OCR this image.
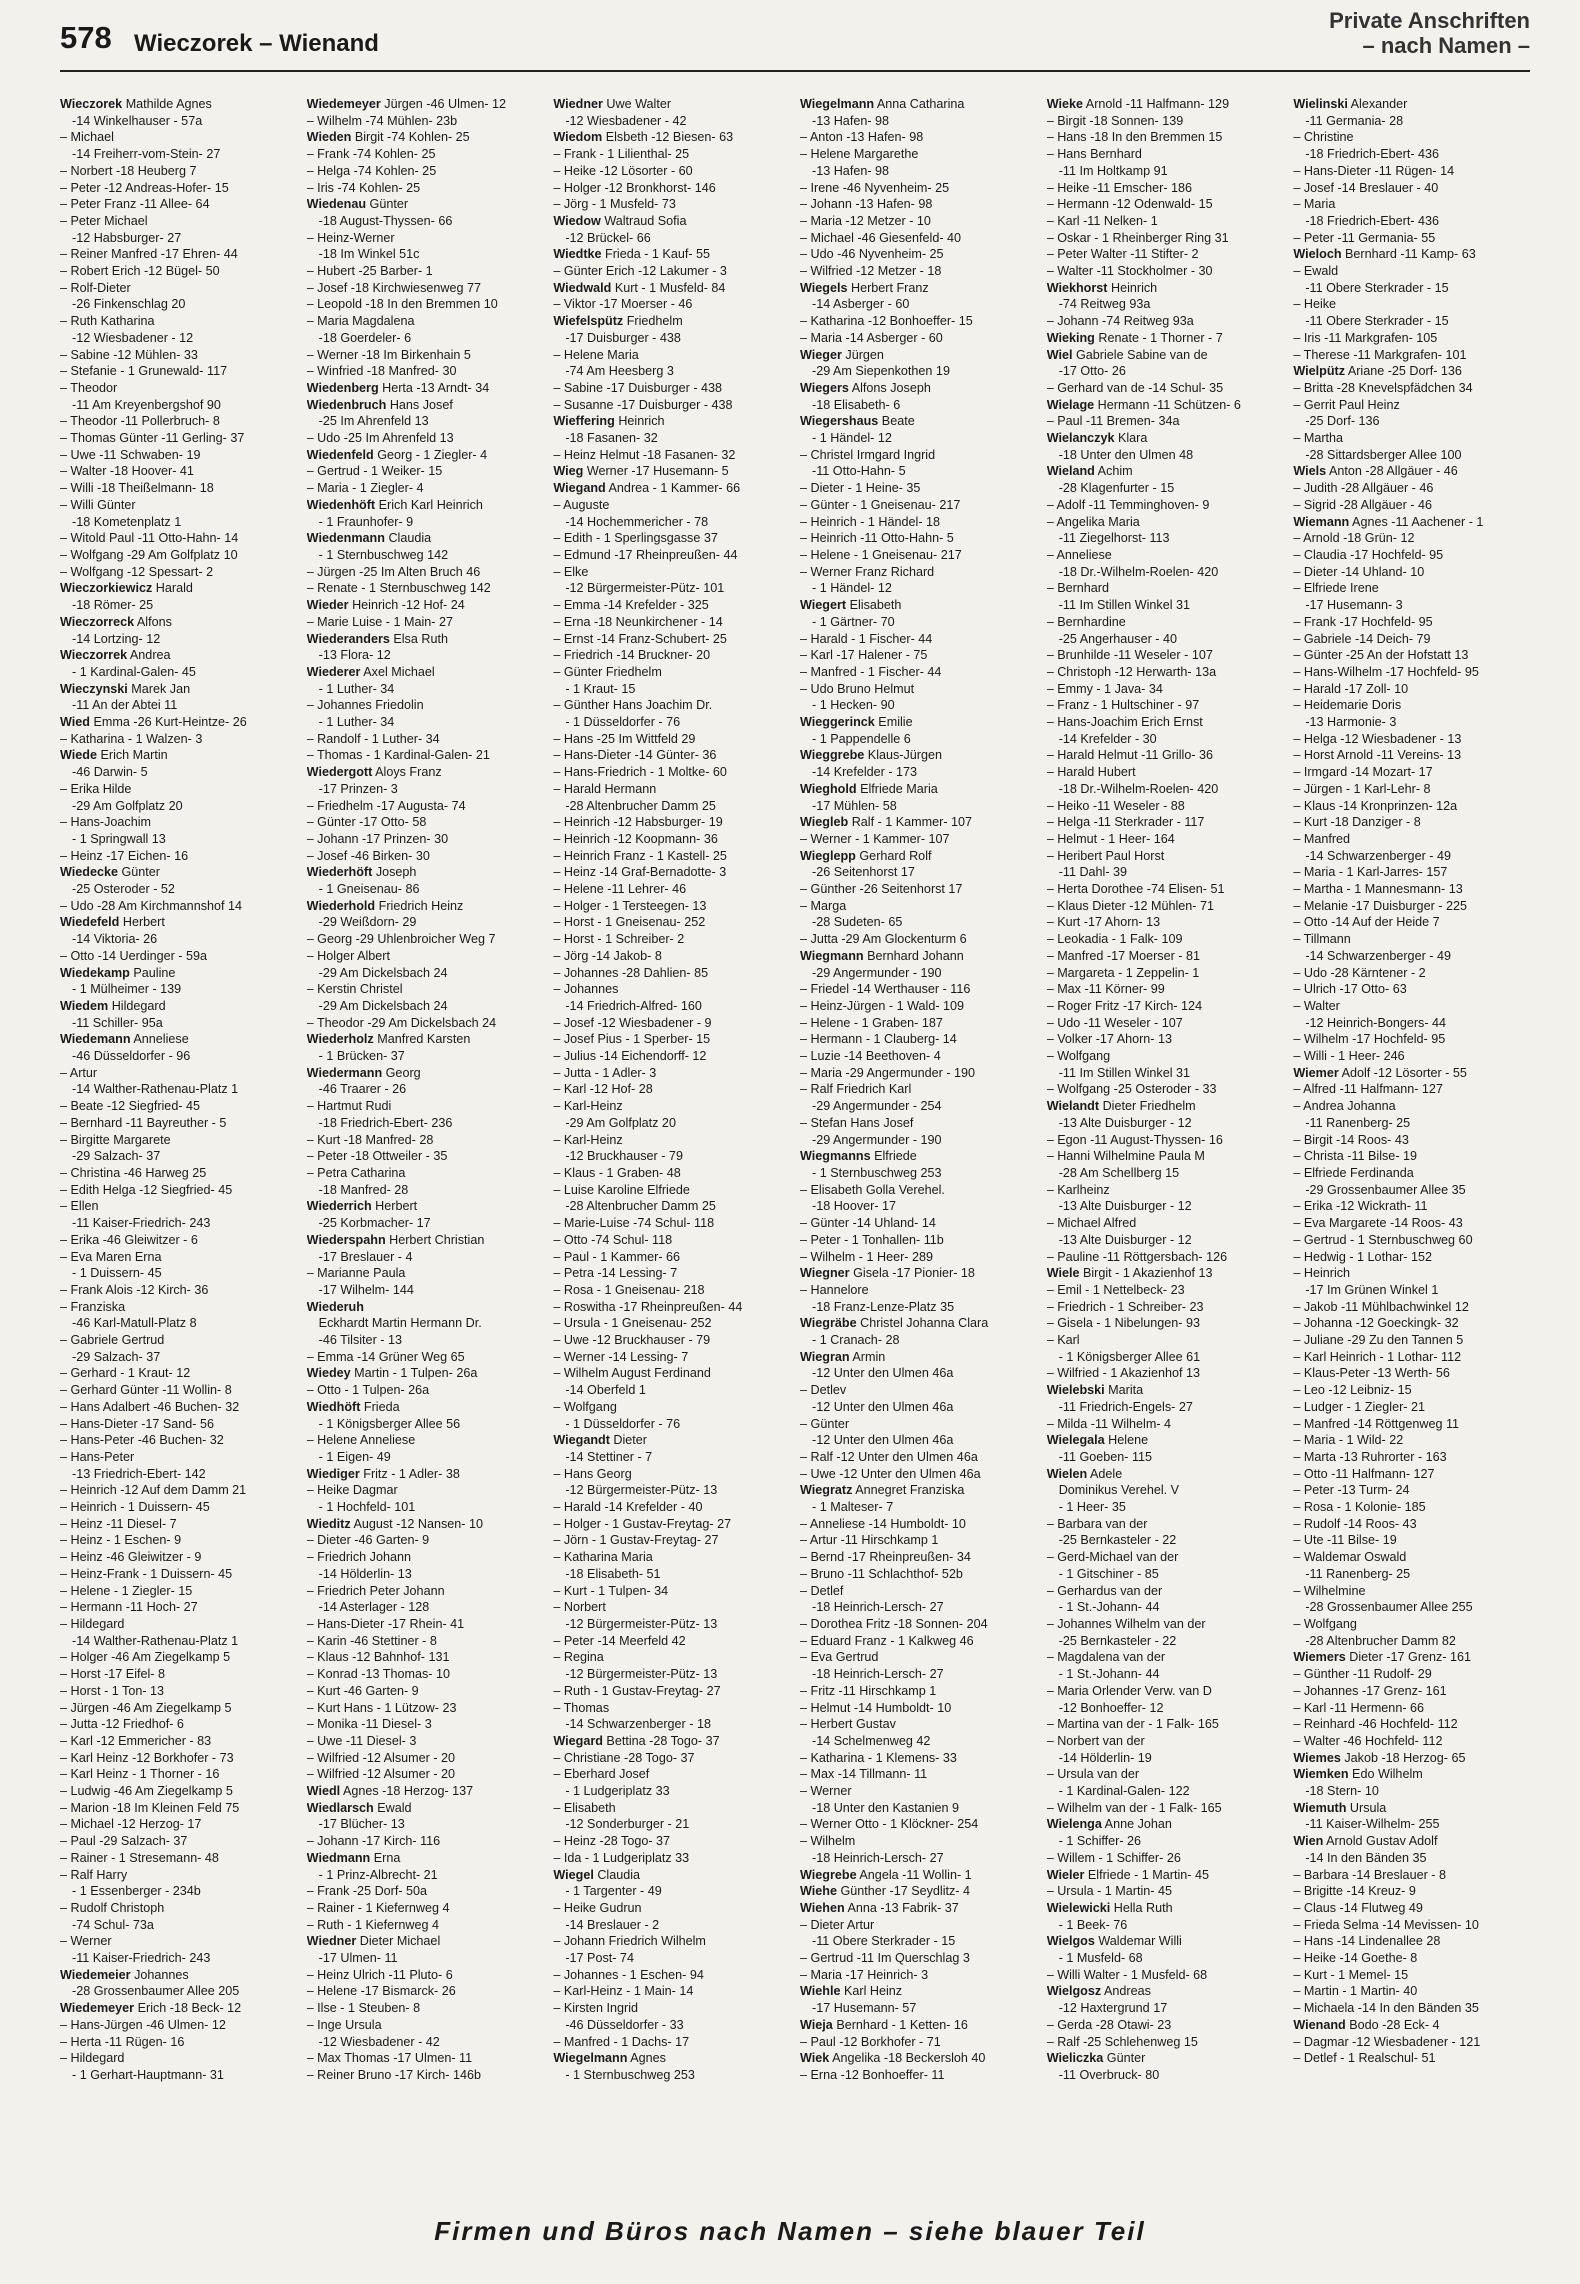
578 Wieczorek – Wienand
Private Anschriften
– nach Namen –
Wieczorek Mathilde Agnes
-14 Winkelhauser - 57a
– Michael
-14 Freiherr-vom-Stein- 27
– Norbert -18 Heuberg 7
– Peter -12 Andreas-Hofer- 15
– Peter Franz -11 Allee- 64
– Peter Michael
-12 Habsburger- 27
– Reiner Manfred -17 Ehren- 44
– Robert Erich -12 Bügel- 50
– Rolf-Dieter
-26 Finkenschlag 20
– Ruth Katharina
-12 Wiesbadener - 12
– Sabine -12 Mühlen- 33
– Stefanie - 1 Grunewald- 117
– Theodor
-11 Am Kreyenbergshof 90
– Theodor -11 Pollerbruch- 8
– Thomas Günter -11 Gerling- 37
– Uwe -11 Schwaben- 19
– Walter -18 Hoover- 41
– Willi -18 Theißelmann- 18
– Willi Günter
-18 Kometenplatz 1
– Witold Paul -11 Otto-Hahn- 14
– Wolfgang -29 Am Golfplatz 10
– Wolfgang -12 Spessart- 2
Wieczorkiewicz Harald
-18 Römer- 25
Wieczorreck Alfons
-14 Lortzing- 12
Wieczorrek Andrea
- 1 Kardinal-Galen- 45
Wieczynski Marek Jan
-11 An der Abtei 11
Wied Emma -26 Kurt-Heintze- 26
– Katharina - 1 Walzen- 3
Wiede Erich Martin
-46 Darwin- 5
– Erika Hilde
-29 Am Golfplatz 20
– Hans-Joachim
- 1 Springwall 13
– Heinz -17 Eichen- 16
Wiedecke Günter
-25 Osteroder - 52
– Udo -28 Am Kirchmannshof 14
Wiedefeld Herbert
-14 Viktoria- 26
– Otto -14 Uerdinger - 59a
Wiedekamp Pauline
- 1 Mülheimer - 139
Wiedem Hildegard
-11 Schiller- 95a
Wiedemann Anneliese
-46 Düsseldorfer - 96
– Artur
-14 Walther-Rathenau-Platz 1
– Beate -12 Siegfried- 45
– Bernhard -11 Bayreuther - 5
– Birgitte Margarete
-29 Salzach- 37
– Christina -46 Harweg 25
– Edith Helga -12 Siegfried- 45
– Ellen
-11 Kaiser-Friedrich- 243
– Erika -46 Gleiwitzer - 6
– Eva Maren Erna
- 1 Duissern- 45
– Frank Alois -12 Kirch- 36
– Franziska
-46 Karl-Matull-Platz 8
– Gabriele Gertrud
-29 Salzach- 37
– Gerhard - 1 Kraut- 12
– Gerhard Günter -11 Wollin- 8
– Hans Adalbert -46 Buchen- 32
– Hans-Dieter -17 Sand- 56
– Hans-Peter -46 Buchen- 32
– Hans-Peter
-13 Friedrich-Ebert- 142
– Heinrich -12 Auf dem Damm 21
– Heinrich - 1 Duissern- 45
– Heinz -11 Diesel- 7
– Heinz - 1 Eschen- 9
– Heinz -46 Gleiwitzer - 9
– Heinz-Frank - 1 Duissern- 45
– Helene - 1 Ziegler- 15
– Hermann -11 Hoch- 27
– Hildegard
-14 Walther-Rathenau-Platz 1
– Holger -46 Am Ziegelkamp 5
– Horst -17 Eifel- 8
– Horst - 1 Ton- 13
– Jürgen -46 Am Ziegelkamp 5
– Jutta -12 Friedhof- 6
– Karl -12 Emmericher - 83
– Karl Heinz -12 Borkhofer - 73
– Karl Heinz - 1 Thorner - 16
– Ludwig -46 Am Ziegelkamp 5
– Marion -18 Im Kleinen Feld 75
– Michael -12 Herzog- 17
– Paul -29 Salzach- 37
– Rainer - 1 Stresemann- 48
– Ralf Harry
- 1 Essenberger - 234b
– Rudolf Christoph
-74 Schul- 73a
– Werner
-11 Kaiser-Friedrich- 243
Wiedemeier Johannes
-28 Grossenbaumer Allee 205
Wiedemeyer Erich -18 Beck- 12
– Hans-Jürgen -46 Ulmen- 12
– Herta -11 Rügen- 16
– Hildegard
- 1 Gerhart-Hauptmann- 31
Wiedemeyer Jürgen -46 Ulmen- 12
– Wilhelm -74 Mühlen- 23b
Wieden Birgit -74 Kohlen- 25
– Frank -74 Kohlen- 25
– Helga -74 Kohlen- 25
– Iris -74 Kohlen- 25
Wiedenau Günter
-18 August-Thyssen- 66
– Heinz-Werner
-18 Im Winkel 51c
– Hubert -25 Barber- 1
– Josef -18 Kirchwiesenweg 77
– Leopold -18 In den Bremmen 10
– Maria Magdalena
-18 Goerdeler- 6
– Werner -18 Im Birkenhain 5
– Winfried -18 Manfred- 30
Wiedenberg Herta -13 Arndt- 34
Wiedenbruch Hans Josef
-25 Im Ahrenfeld 13
– Udo -25 Im Ahrenfeld 13
Wiedenfeld Georg - 1 Ziegler- 4
– Gertrud - 1 Weiker- 15
– Maria - 1 Ziegler- 4
Wiedenhöft Erich Karl Heinrich
- 1 Fraunhofer- 9
Wiedenmann Claudia
- 1 Sternbuschweg 142
– Jürgen -25 Im Alten Bruch 46
– Renate - 1 Sternbuschweg 142
Wieder Heinrich -12 Hof- 24
– Marie Luise - 1 Main- 27
Wiederanders Elsa Ruth
-13 Flora- 12
Wiederer Axel Michael
- 1 Luther- 34
– Johannes Friedolin
- 1 Luther- 34
– Randolf - 1 Luther- 34
– Thomas - 1 Kardinal-Galen- 21
Wiedergott Aloys Franz
-17 Prinzen- 3
– Friedhelm -17 Augusta- 74
– Günter -17 Otto- 58
– Johann -17 Prinzen- 30
– Josef -46 Birken- 30
Wiederhöft Joseph
- 1 Gneisenau- 86
Wiederhold Friedrich Heinz
-29 Weißdorn- 29
– Georg -29 Uhlenbroicher Weg 7
– Holger Albert
-29 Am Dickelsbach 24
– Kerstin Christel
-29 Am Dickelsbach 24
– Theodor -29 Am Dickelsbach 24
Wiederholz Manfred Karsten
- 1 Brücken- 37
Wiedermann Georg
-46 Traarer - 26
– Hartmut Rudi
-18 Friedrich-Ebert- 236
– Kurt -18 Manfred- 28
– Peter -18 Ottweiler - 35
– Petra Catharina
-18 Manfred- 28
Wiederrich Herbert
-25 Korbmacher- 17
Wiederspahn Herbert Christian
-17 Breslauer - 4
– Marianne Paula
-17 Wilhelm- 144
Wiederuh
Eckhardt Martin Hermann Dr.
-46 Tilsiter - 13
– Emma -14 Grüner Weg 65
Wiedey Martin - 1 Tulpen- 26a
– Otto - 1 Tulpen- 26a
Wiedhöft Frieda
- 1 Königsberger Allee 56
– Helene Anneliese
- 1 Eigen- 49
Wiediger Fritz - 1 Adler- 38
– Heike Dagmar
- 1 Hochfeld- 101
Wieditz August -12 Nansen- 10
– Dieter -46 Garten- 9
– Friedrich Johann
-14 Hölderlin- 13
– Friedrich Peter Johann
-14 Asterlager - 128
– Hans-Dieter -17 Rhein- 41
– Karin -46 Stettiner - 8
– Klaus -12 Bahnhof- 131
– Konrad -13 Thomas- 10
– Kurt -46 Garten- 9
– Kurt Hans - 1 Lützow- 23
– Monika -11 Diesel- 3
– Uwe -11 Diesel- 3
– Wilfried -12 Alsumer - 20
– Wilfried -12 Alsumer - 20
Wiedl Agnes -18 Herzog- 137
Wiedlarsch Ewald
-17 Blücher- 13
– Johann -17 Kirch- 116
Wiedmann Erna
- 1 Prinz-Albrecht- 21
– Frank -25 Dorf- 50a
– Rainer - 1 Kiefernweg 4
– Ruth - 1 Kiefernweg 4
Wiedner Dieter Michael
-17 Ulmen- 11
– Heinz Ulrich -11 Pluto- 6
– Helene -17 Bismarck- 26
– Ilse - 1 Steuben- 8
– Inge Ursula
-12 Wiesbadener - 42
– Max Thomas -17 Ulmen- 11
– Reiner Bruno -17 Kirch- 146b
Wiedner Uwe Walter
-12 Wiesbadener - 42
Wiedom Elsbeth -12 Biesen- 63
– Frank - 1 Lilienthal- 25
– Heike -12 Lösorter - 60
– Holger -12 Bronkhorst- 146
– Jörg - 1 Musfeld- 73
Wiedow Waltraud Sofia
-12 Brückel- 66
Wiedtke Frieda - 1 Kauf- 55
– Günter Erich -12 Lakumer - 3
Wiedwald Kurt - 1 Musfeld- 84
– Viktor -17 Moerser - 46
Wiefelspütz Friedhelm
-17 Duisburger - 438
– Helene Maria
-74 Am Heesberg 3
– Sabine -17 Duisburger - 438
– Susanne -17 Duisburger - 438
Wieffering Heinrich
-18 Fasanen- 32
– Heinz Helmut -18 Fasanen- 32
Wieg Werner -17 Husemann- 5
Wiegand Andrea - 1 Kammer- 66
– Auguste
-14 Hochemmericher - 78
– Edith - 1 Sperlingsgasse 37
– Edmund -17 Rheinpreußen- 44
– Elke
-12 Bürgermeister-Pütz- 101
– Emma -14 Krefelder - 325
– Erna -18 Neunkirchener - 14
– Ernst -14 Franz-Schubert- 25
– Friedrich -14 Bruckner- 20
– Günter Friedhelm
- 1 Kraut- 15
– Günther Hans Joachim Dr.
- 1 Düsseldorfer - 76
– Hans -25 Im Wittfeld 29
– Hans-Dieter -14 Günter- 36
– Hans-Friedrich - 1 Moltke- 60
– Harald Hermann
-28 Altenbrucher Damm 25
– Heinrich -12 Habsburger- 19
– Heinrich -12 Koopmann- 36
– Heinrich Franz - 1 Kastell- 25
– Heinz -14 Graf-Bernadotte- 3
– Helene -11 Lehrer- 46
– Holger - 1 Tersteegen- 13
– Horst - 1 Gneisenau- 252
– Horst - 1 Schreiber- 2
– Jörg -14 Jakob- 8
– Johannes -28 Dahlien- 85
– Johannes
-14 Friedrich-Alfred- 160
– Josef -12 Wiesbadener - 9
– Josef Pius - 1 Sperber- 15
– Julius -14 Eichendorff- 12
– Jutta - 1 Adler- 3
– Karl -12 Hof- 28
– Karl-Heinz
-29 Am Golfplatz 20
– Karl-Heinz
-12 Bruckhauser - 79
– Klaus - 1 Graben- 48
– Luise Karoline Elfriede
-28 Altenbrucher Damm 25
– Marie-Luise -74 Schul- 118
– Otto -74 Schul- 118
– Paul - 1 Kammer- 66
– Petra -14 Lessing- 7
– Rosa - 1 Gneisenau- 218
– Roswitha -17 Rheinpreußen- 44
– Ursula - 1 Gneisenau- 252
– Uwe -12 Bruckhauser - 79
– Werner -14 Lessing- 7
– Wilhelm August Ferdinand
-14 Oberfeld 1
– Wolfgang
- 1 Düsseldorfer - 76
Wiegandt Dieter
-14 Stettiner - 7
– Hans Georg
-12 Bürgermeister-Pütz- 13
– Harald -14 Krefelder - 40
– Holger - 1 Gustav-Freytag- 27
– Jörn - 1 Gustav-Freytag- 27
– Katharina Maria
-18 Elisabeth- 51
– Kurt - 1 Tulpen- 34
– Norbert
-12 Bürgermeister-Pütz- 13
– Peter -14 Meerfeld 42
– Regina
-12 Bürgermeister-Pütz- 13
– Ruth - 1 Gustav-Freytag- 27
– Thomas
-14 Schwarzenberger - 18
Wiegard Bettina -28 Togo- 37
– Christiane -28 Togo- 37
– Eberhard Josef
- 1 Ludgeriplatz 33
– Elisabeth
-12 Sonderburger - 21
– Heinz -28 Togo- 37
– Ida - 1 Ludgeriplatz 33
Wiegel Claudia
- 1 Targenter - 49
– Heike Gudrun
-14 Breslauer - 2
– Johann Friedrich Wilhelm
-17 Post- 74
– Johannes - 1 Eschen- 94
– Karl-Heinz - 1 Main- 14
– Kirsten Ingrid
-46 Düsseldorfer - 33
– Manfred - 1 Dachs- 17
Wiegelmann Agnes
- 1 Sternbuschweg 253
Wiegelmann Anna Catharina
-13 Hafen- 98
– Anton -13 Hafen- 98
– Helene Margarethe
-13 Hafen- 98
– Irene -46 Nyvenheim- 25
– Johann -13 Hafen- 98
– Maria -12 Metzer - 10
– Michael -46 Giesenfeld- 40
– Udo -46 Nyvenheim- 25
– Wilfried -12 Metzer - 18
Wiegels Herbert Franz
-14 Asberger - 60
– Katharina -12 Bonhoeffer- 15
– Maria -14 Asberger - 60
Wieger Jürgen
-29 Am Siepenkothen 19
Wiegers Alfons Joseph
-18 Elisabeth- 6
Wiegershaus Beate
- 1 Händel- 12
– Christel Irmgard Ingrid
-11 Otto-Hahn- 5
– Dieter - 1 Heine- 35
– Günter - 1 Gneisenau- 217
– Heinrich - 1 Händel- 18
– Heinrich -11 Otto-Hahn- 5
– Helene - 1 Gneisenau- 217
– Werner Franz Richard
- 1 Händel- 12
Wiegert Elisabeth
- 1 Gärtner- 70
– Harald - 1 Fischer- 44
– Karl -17 Halener - 75
– Manfred - 1 Fischer- 44
– Udo Bruno Helmut
- 1 Hecken- 90
Wieggerinck Emilie
- 1 Pappendelle 6
Wieggrebe Klaus-Jürgen
-14 Krefelder - 173
Wieghold Elfriede Maria
-17 Mühlen- 58
Wiegleb Ralf - 1 Kammer- 107
– Werner - 1 Kammer- 107
Wieglepp Gerhard Rolf
-26 Seitenhorst 17
– Günther -26 Seitenhorst 17
– Marga
-28 Sudeten- 65
– Jutta -29 Am Glockenturm 6
Wiegmann Bernhard Johann
-29 Angermunder - 190
– Friedel -14 Werthauser - 116
– Heinz-Jürgen - 1 Wald- 109
– Helene - 1 Graben- 187
– Hermann - 1 Clauberg- 14
– Luzie -14 Beethoven- 4
– Maria -29 Angermunder - 190
– Ralf Friedrich Karl
-29 Angermunder - 254
– Stefan Hans Josef
-29 Angermunder - 190
Wiegmanns Elfriede
- 1 Sternbuschweg 253
– Elisabeth Golla Verehel.
-18 Hoover- 17
– Günter -14 Uhland- 14
– Peter - 1 Tonhallen- 11b
– Wilhelm - 1 Heer- 289
Wiegner Gisela -17 Pionier- 18
– Hannelore
-18 Franz-Lenze-Platz 35
Wiegräbe Christel Johanna Clara
- 1 Cranach- 28
Wiegran Armin
-12 Unter den Ulmen 46a
– Detlev
-12 Unter den Ulmen 46a
– Günter
-12 Unter den Ulmen 46a
– Ralf -12 Unter den Ulmen 46a
– Uwe -12 Unter den Ulmen 46a
Wiegratz Annegret Franziska
- 1 Malteser- 7
– Anneliese -14 Humboldt- 10
– Artur -11 Hirschkamp 1
– Bernd -17 Rheinpreußen- 34
– Bruno -11 Schlachthof- 52b
– Detlef
-18 Heinrich-Lersch- 27
– Dorothea Fritz -18 Sonnen- 204
– Eduard Franz - 1 Kalkweg 46
– Eva Gertrud
-18 Heinrich-Lersch- 27
– Fritz -11 Hirschkamp 1
– Helmut -14 Humboldt- 10
– Herbert Gustav
-14 Schelmenweg 42
– Katharina - 1 Klemens- 33
– Max -14 Tillmann- 11
– Werner
-18 Unter den Kastanien 9
– Werner Otto - 1 Klöckner- 254
– Wilhelm
-18 Heinrich-Lersch- 27
Wiegrebe Angela -11 Wollin- 1
Wiehe Günther -17 Seydlitz- 4
Wiehen Anna -13 Fabrik- 37
– Dieter Artur
-11 Obere Sterkrader - 15
– Gertrud -11 Im Querschlag 3
– Maria -17 Heinrich- 3
Wiehle Karl Heinz
-17 Husemann- 57
Wieja Bernhard - 1 Ketten- 16
– Paul -12 Borkhofer - 71
Wiek Angelika -18 Beckersloh 40
– Erna -12 Bonhoeffer- 11
Wieke Arnold -11 Halfmann- 129
– Birgit -18 Sonnen- 139
– Hans -18 In den Bremmen 15
– Hans Bernhard
-11 Im Holtkamp 91
– Heike -11 Emscher- 186
– Hermann -12 Odenwald- 15
– Karl -11 Nelken- 1
– Oskar - 1 Rheinberger Ring 31
– Peter Walter -11 Stifter- 2
– Walter -11 Stockholmer - 30
Wiekhorst Heinrich
-74 Reitweg 93a
– Johann -74 Reitweg 93a
Wieking Renate - 1 Thorner - 7
Wiel Gabriele Sabine van de
-17 Otto- 26
– Gerhard van de -14 Schul- 35
Wielage Hermann -11 Schützen- 6
– Paul -11 Bremen- 34a
Wielanczyk Klara
-18 Unter den Ulmen 48
Wieland Achim
-28 Klagenfurter - 15
– Adolf -11 Temminghoven- 9
– Angelika Maria
-11 Ziegelhorst- 113
– Anneliese
-18 Dr.-Wilhelm-Roelen- 420
– Bernhard
-11 Im Stillen Winkel 31
– Bernhardine
-25 Angerhauser - 40
– Brunhilde -11 Weseler - 107
– Christoph -12 Herwarth- 13a
– Emmy - 1 Java- 34
– Franz - 1 Hultschiner - 97
– Hans-Joachim Erich Ernst
-14 Krefelder - 30
– Harald Helmut -11 Grillo- 36
– Harald Hubert
-18 Dr.-Wilhelm-Roelen- 420
– Heiko -11 Weseler - 88
– Helga -11 Sterkrader - 117
– Helmut - 1 Heer- 164
– Heribert Paul Horst
-11 Dahl- 39
– Herta Dorothee -74 Elisen- 51
– Klaus Dieter -12 Mühlen- 71
– Kurt -17 Ahorn- 13
– Leokadia - 1 Falk- 109
– Manfred -17 Moerser - 81
– Margareta - 1 Zeppelin- 1
– Max -11 Körner- 99
– Roger Fritz -17 Kirch- 124
– Udo -11 Weseler - 107
– Volker -17 Ahorn- 13
– Wolfgang
-11 Im Stillen Winkel 31
– Wolfgang -25 Osteroder - 33
Wielandt Dieter Friedhelm
-13 Alte Duisburger - 12
– Egon -11 August-Thyssen- 16
– Hanni Wilhelmine Paula M
-28 Am Schellberg 15
– Karlheinz
-13 Alte Duisburger - 12
– Michael Alfred
-13 Alte Duisburger - 12
– Pauline -11 Röttgersbach- 126
Wiele Birgit - 1 Akazienhof 13
– Emil - 1 Nettelbeck- 23
– Friedrich - 1 Schreiber- 23
– Gisela - 1 Nibelungen- 93
– Karl
- 1 Königsberger Allee 61
– Wilfried - 1 Akazienhof 13
Wielebski Marita
-11 Friedrich-Engels- 27
– Milda -11 Wilhelm- 4
Wielegala Helene
-11 Goeben- 115
Wielen Adele
Dominikus Verehel. V
- 1 Heer- 35
– Barbara van der
-25 Bernkasteler - 22
– Gerd-Michael van der
- 1 Gitschiner - 85
– Gerhardus van der
- 1 St.-Johann- 44
– Johannes Wilhelm van der
-25 Bernkasteler - 22
– Magdalena van der
- 1 St.-Johann- 44
– Maria Orlender Verw. van D
-12 Bonhoeffer- 12
– Martina van der - 1 Falk- 165
– Norbert van der
-14 Hölderlin- 19
– Ursula van der
- 1 Kardinal-Galen- 122
– Wilhelm van der - 1 Falk- 165
Wielenga Anne Johan
- 1 Schiffer- 26
– Willem - 1 Schiffer- 26
Wieler Elfriede - 1 Martin- 45
– Ursula - 1 Martin- 45
Wielewicki Hella Ruth
- 1 Beek- 76
Wielgos Waldemar Willi
- 1 Musfeld- 68
– Willi Walter - 1 Musfeld- 68
Wielgosz Andreas
-12 Haxtergrund 17
– Gerda -28 Otawi- 23
– Ralf -25 Schlehenweg 15
Wieliczka Günter
-11 Overbruck- 80
Wielinski Alexander
-11 Germania- 28
– Christine
-18 Friedrich-Ebert- 436
– Hans-Dieter -11 Rügen- 14
– Josef -14 Breslauer - 40
– Maria
-18 Friedrich-Ebert- 436
– Peter -11 Germania- 55
Wieloch Bernhard -11 Kamp- 63
– Ewald
-11 Obere Sterkrader - 15
– Heike
-11 Obere Sterkrader - 15
– Iris -11 Markgrafen- 105
– Therese -11 Markgrafen- 101
Wielpütz Ariane -25 Dorf- 136
– Britta -28 Knevelspfädchen 34
– Gerrit Paul Heinz
-25 Dorf- 136
– Martha
-28 Sittardsberger Allee 100
Wiels Anton -28 Allgäuer - 46
– Judith -28 Allgäuer - 46
– Sigrid -28 Allgäuer - 46
Wiemann Agnes -11 Aachener - 1
– Arnold -18 Grün- 12
– Claudia -17 Hochfeld- 95
– Dieter -14 Uhland- 10
– Elfriede Irene
-17 Husemann- 3
– Frank -17 Hochfeld- 95
– Gabriele -14 Deich- 79
– Günter -25 An der Hofstatt 13
– Hans-Wilhelm -17 Hochfeld- 95
– Harald -17 Zoll- 10
– Heidemarie Doris
-13 Harmonie- 3
– Helga -12 Wiesbadener - 13
– Horst Arnold -11 Vereins- 13
– Irmgard -14 Mozart- 17
– Jürgen - 1 Karl-Lehr- 8
– Klaus -14 Kronprinzen- 12a
– Kurt -18 Danziger - 8
– Manfred
-14 Schwarzenberger - 49
– Maria - 1 Karl-Jarres- 157
– Martha - 1 Mannesmann- 13
– Melanie -17 Duisburger - 225
– Otto -14 Auf der Heide 7
– Tillmann
-14 Schwarzenberger - 49
– Udo -28 Kärntener - 2
– Ulrich -17 Otto- 63
– Walter
-12 Heinrich-Bongers- 44
– Wilhelm -17 Hochfeld- 95
– Willi - 1 Heer- 246
Wiemer Adolf -12 Lösorter - 55
– Alfred -11 Halfmann- 127
– Andrea Johanna
-11 Ranenberg- 25
– Birgit -14 Roos- 43
– Christa -11 Bilse- 19
– Elfriede Ferdinanda
-29 Grossenbaumer Allee 35
– Erika -12 Wickrath- 11
– Eva Margarete -14 Roos- 43
– Gertrud - 1 Sternbuschweg 60
– Hedwig - 1 Lothar- 152
– Heinrich
-17 Im Grünen Winkel 1
– Jakob -11 Mühlbachwinkel 12
– Johanna -12 Goeckingk- 32
– Juliane -29 Zu den Tannen 5
– Karl Heinrich - 1 Lothar- 112
– Klaus-Peter -13 Werth- 56
– Leo -12 Leibniz- 15
– Ludger - 1 Ziegler- 21
– Manfred -14 Röttgenweg 11
– Maria - 1 Wild- 22
– Marta -13 Ruhrorter - 163
– Otto -11 Halfmann- 127
– Peter -13 Turm- 24
– Rosa - 1 Kolonie- 185
– Rudolf -14 Roos- 43
– Ute -11 Bilse- 19
– Waldemar Oswald
-11 Ranenberg- 25
– Wilhelmine
-28 Grossenbaumer Allee 255
– Wolfgang
-28 Altenbrucher Damm 82
Wiemers Dieter -17 Grenz- 161
– Günther -11 Rudolf- 29
– Johannes -17 Grenz- 161
– Karl -11 Hermenn- 66
– Reinhard -46 Hochfeld- 112
– Walter -46 Hochfeld- 112
Wiemes Jakob -18 Herzog- 65
Wiemken Edo Wilhelm
-18 Stern- 10
Wiemuth Ursula
-11 Kaiser-Wilhelm- 255
Wien Arnold Gustav Adolf
-14 In den Bänden 35
– Barbara -14 Breslauer - 8
– Brigitte -14 Kreuz- 9
– Claus -14 Flutweg 49
– Frieda Selma -14 Mevissen- 10
– Hans -14 Lindenallee 28
– Heike -14 Goethe- 8
– Kurt - 1 Memel- 15
– Martin - 1 Martin- 40
– Michaela -14 In den Bänden 35
Wienand Bodo -28 Eck- 4
– Dagmar -12 Wiesbadener - 121
– Detlef - 1 Realschul- 51
Firmen und Büros nach Namen – siehe blauer Teil
